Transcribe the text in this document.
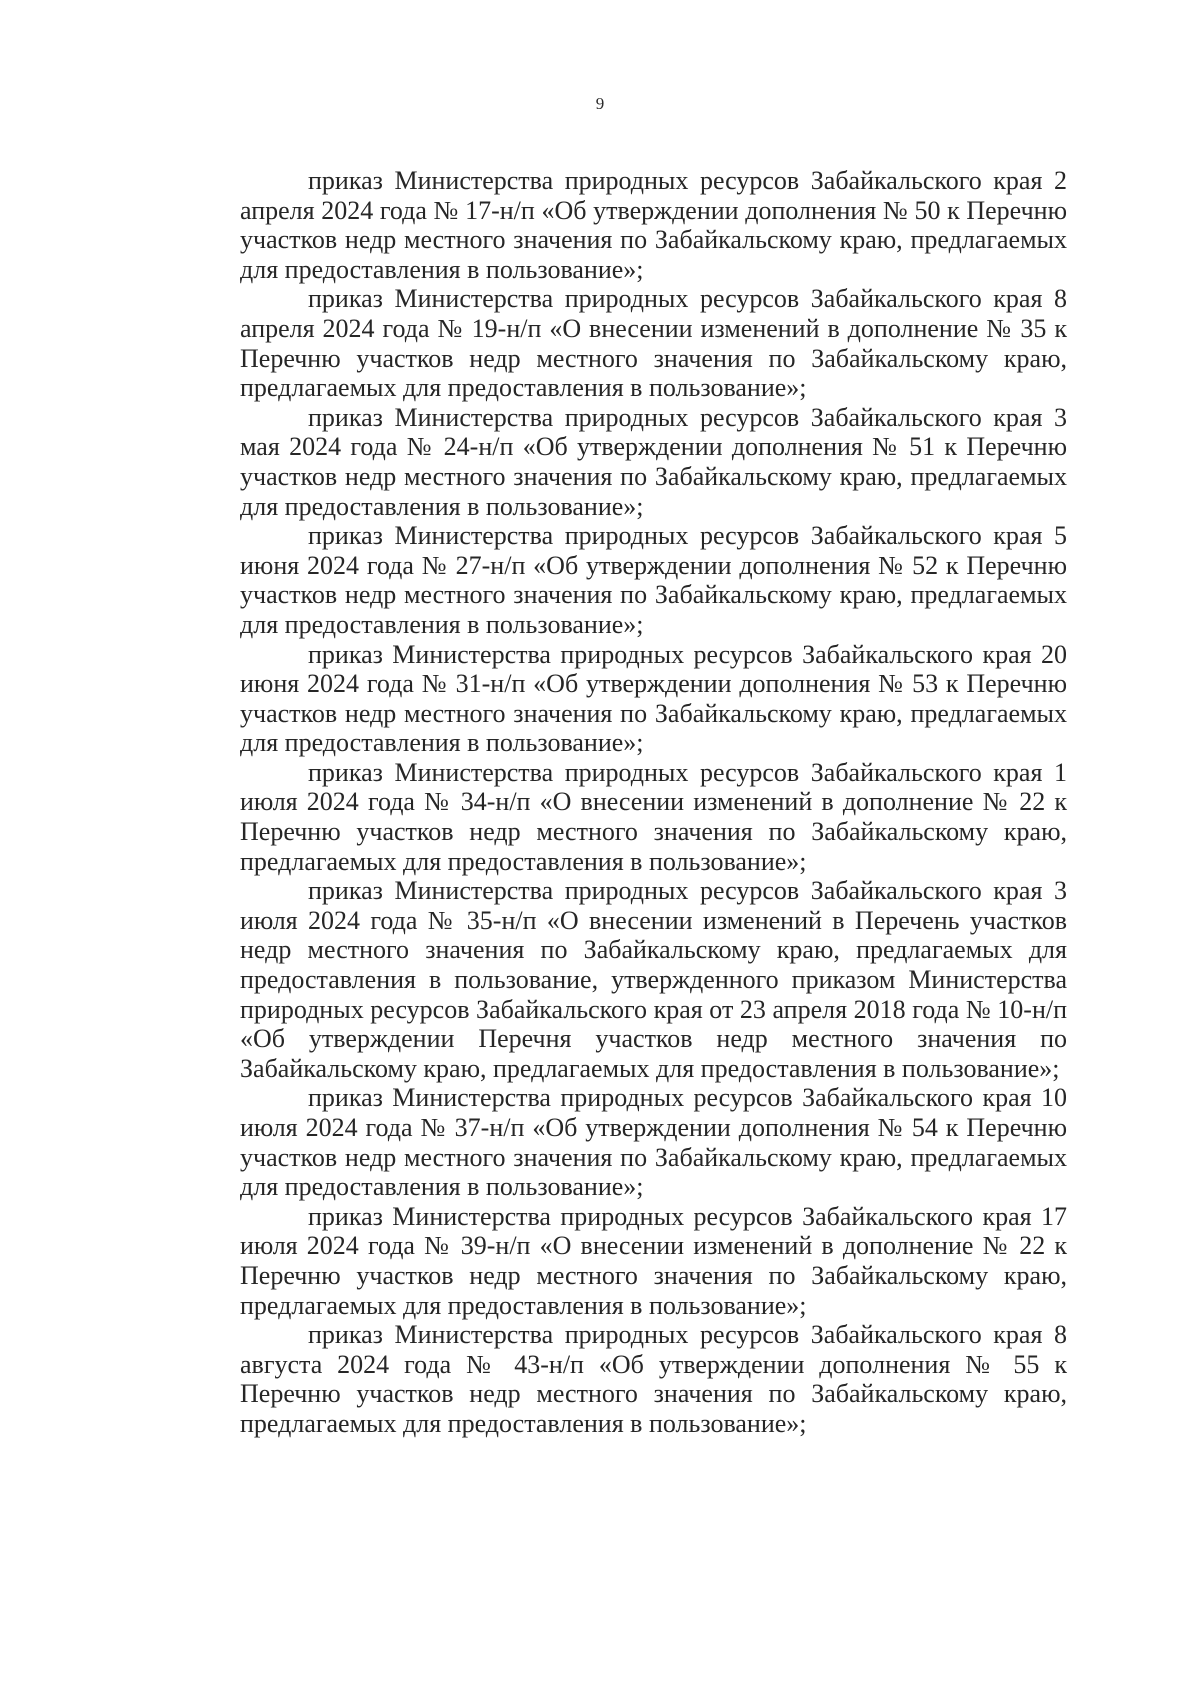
9

приказ Министерства природных ресурсов Забайкальского края 2 апреля 2024 года № 17-н/п «Об утверждении дополнения № 50 к Перечню участков недр местного значения по Забайкальскому краю, предлагаемых для предоставления в пользование»;

приказ Министерства природных ресурсов Забайкальского края 8 апреля 2024 года № 19-н/п «О внесении изменений в дополнение № 35 к Перечню участков недр местного значения по Забайкальскому краю, предлагаемых для предоставления в пользование»;

приказ Министерства природных ресурсов Забайкальского края 3 мая 2024 года № 24-н/п «Об утверждении дополнения № 51 к Перечню участков недр местного значения по Забайкальскому краю, предлагаемых для предоставления в пользование»;

приказ Министерства природных ресурсов Забайкальского края 5 июня 2024 года № 27-н/п «Об утверждении дополнения № 52 к Перечню участков недр местного значения по Забайкальскому краю, предлагаемых для предоставления в пользование»;

приказ Министерства природных ресурсов Забайкальского края 20 июня 2024 года № 31-н/п «Об утверждении дополнения № 53 к Перечню участков недр местного значения по Забайкальскому краю, предлагаемых для предоставления в пользование»;

приказ Министерства природных ресурсов Забайкальского края 1 июля 2024 года № 34-н/п «О внесении изменений в дополнение № 22 к Перечню участков недр местного значения по Забайкальскому краю, предлагаемых для предоставления в пользование»;

приказ Министерства природных ресурсов Забайкальского края 3 июля 2024 года № 35-н/п «О внесении изменений в Перечень участков недр местного значения по Забайкальскому краю, предлагаемых для предоставления в пользование, утвержденного приказом Министерства природных ресурсов Забайкальского края от 23 апреля 2018 года № 10-н/п «Об утверждении Перечня участков недр местного значения по Забайкальскому краю, предлагаемых для предоставления в пользование»;

приказ Министерства природных ресурсов Забайкальского края 10 июля 2024 года № 37-н/п «Об утверждении дополнения № 54 к Перечню участков недр местного значения по Забайкальскому краю, предлагаемых для предоставления в пользование»;

приказ Министерства природных ресурсов Забайкальского края 17 июля 2024 года № 39-н/п «О внесении изменений в дополнение № 22 к Перечню участков недр местного значения по Забайкальскому краю, предлагаемых для предоставления в пользование»;

приказ Министерства природных ресурсов Забайкальского края 8 августа 2024 года № 43-н/п «Об утверждении дополнения № 55 к Перечню участков недр местного значения по Забайкальскому краю, предлагаемых для предоставления в пользование»;
